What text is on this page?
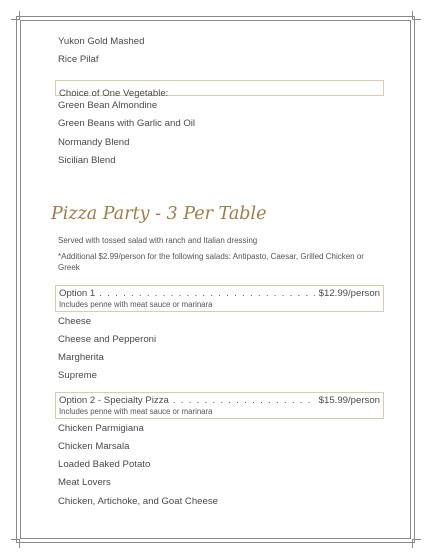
Yukon Gold Mashed
Rice Pilaf
Choice of One Vegetable:
Green Bean Almondine
Green Beans with Garlic and Oil
Normandy Blend
Sicilian Blend
Pizza Party - 3 Per Table
Served with tossed salad with ranch and Italian dressing
*Additional $2.99/person for the following salads: Antipasto, Caesar, Grilled Chicken or Greek
Option 1 . . .	$12.99/person
Includes penne with meat sauce or marinara
Cheese
Cheese and Pepperoni
Margherita
Supreme
Option 2 - Specialty Pizza . . .	$15.99/person
Includes penne with meat sauce or marinara
Chicken Parmigiana
Chicken Marsala
Loaded Baked Potato
Meat Lovers
Chicken, Artichoke, and Goat Cheese
